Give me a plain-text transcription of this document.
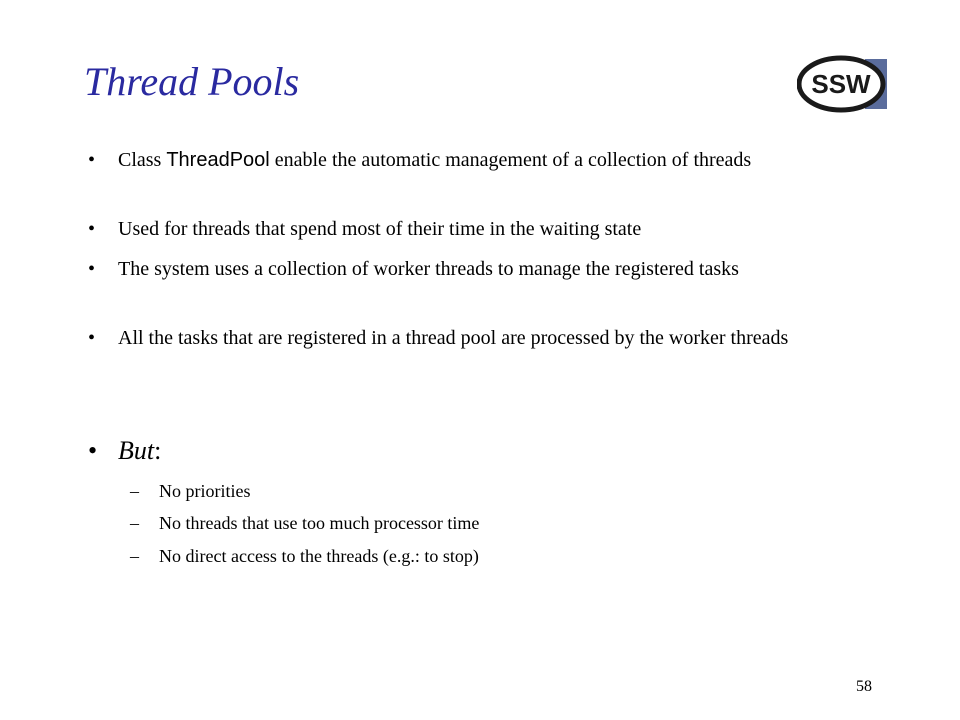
Thread Pools	SSW
• Class ThreadPool enable the automatic management of a collection of threads
• Used for threads that spend most of their time in the waiting state
• The system uses a collection of worker threads to manage the registered tasks
• All the tasks that are registered in a thread pool are processed by the worker threads
• But:
– No priorities
– No threads that use too much processor time
– No direct access to the threads (e.g.: to stop)
58
